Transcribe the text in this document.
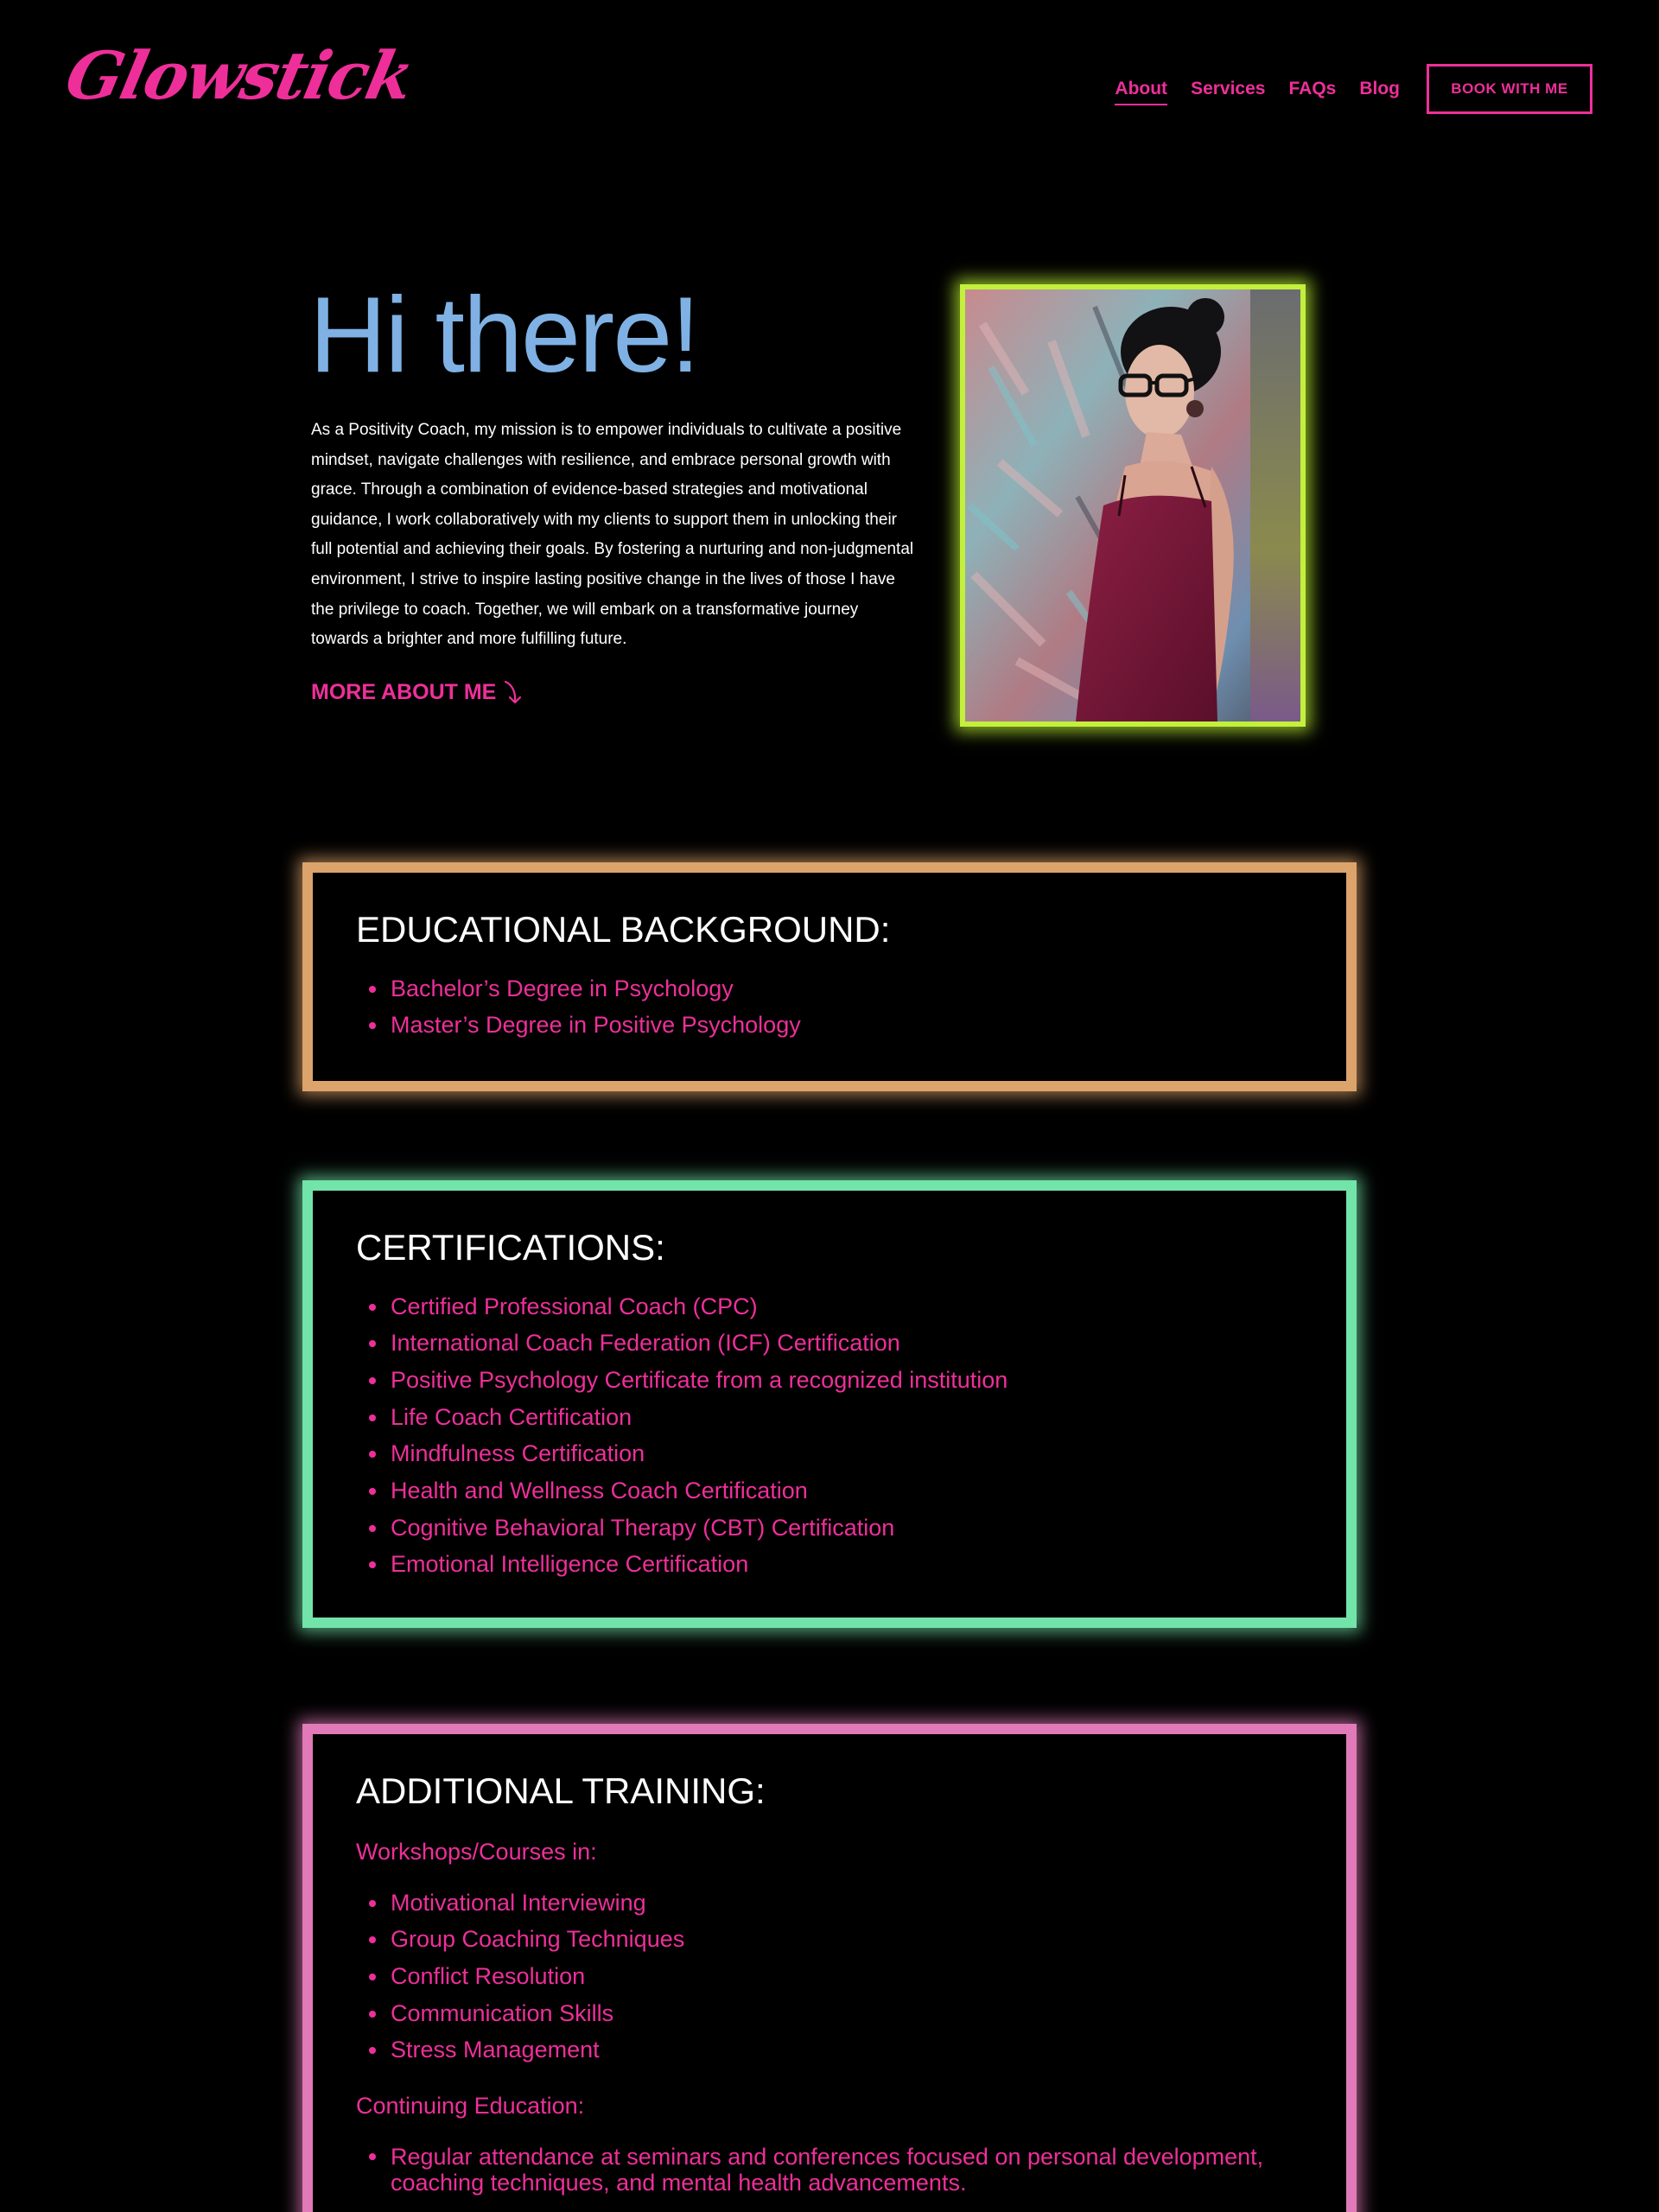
Glowstick	About Services FAQs Blog	BOOK WITH ME
Hi there!

As a Positivity Coach, my mission is to empower individuals to cultivate a positive mindset, navigate challenges with resilience, and embrace personal growth with grace. Through a combination of evidence-based strategies and motivational guidance, I work collaboratively with my clients to support them in unlocking their full potential and achieving their goals. By fostering a nurturing and non-judgmental environment, I strive to inspire lasting positive change in the lives of those I have the privilege to coach. Together, we will embark on a transformative journey towards a brighter and more fulfilling future.

MORE ABOUT ME
EDUCATIONAL BACKGROUND:
Bachelor’s Degree in Psychology
Master’s Degree in Positive Psychology
CERTIFICATIONS:
Certified Professional Coach (CPC)
International Coach Federation (ICF) Certification
Positive Psychology Certificate from a recognized institution
Life Coach Certification
Mindfulness Certification
Health and Wellness Coach Certification
Cognitive Behavioral Therapy (CBT) Certification
Emotional Intelligence Certification
ADDITIONAL TRAINING:

Workshops/Courses in:

Motivational Interviewing
Group Coaching Techniques
Conflict Resolution
Communication Skills
Stress Management

Continuing Education:

Regular attendance at seminars and conferences focused on personal development, coaching techniques, and mental health advancements.
